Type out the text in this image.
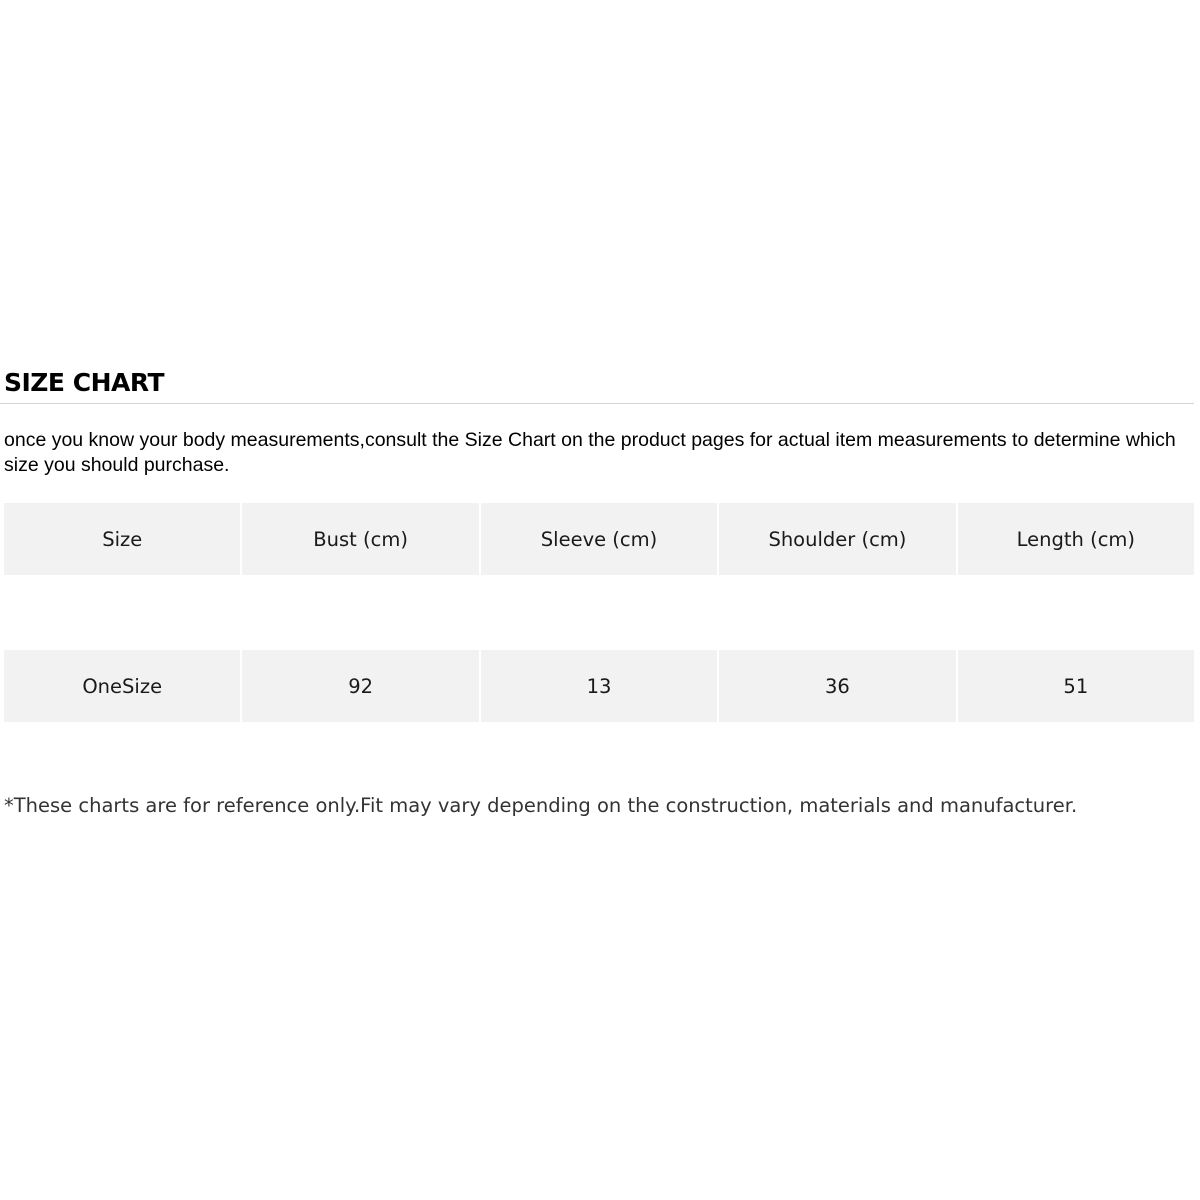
SIZE CHART

once you know your body measurements,consult the Size Chart on the product pages for actual item measurements to determine which size you should purchase.

Size	Bust (cm)	Sleeve (cm)	Shoulder (cm)	Length (cm)
OneSize	92	13	36	51

*These charts are for reference only.Fit may vary depending on the construction, materials and manufacturer.
